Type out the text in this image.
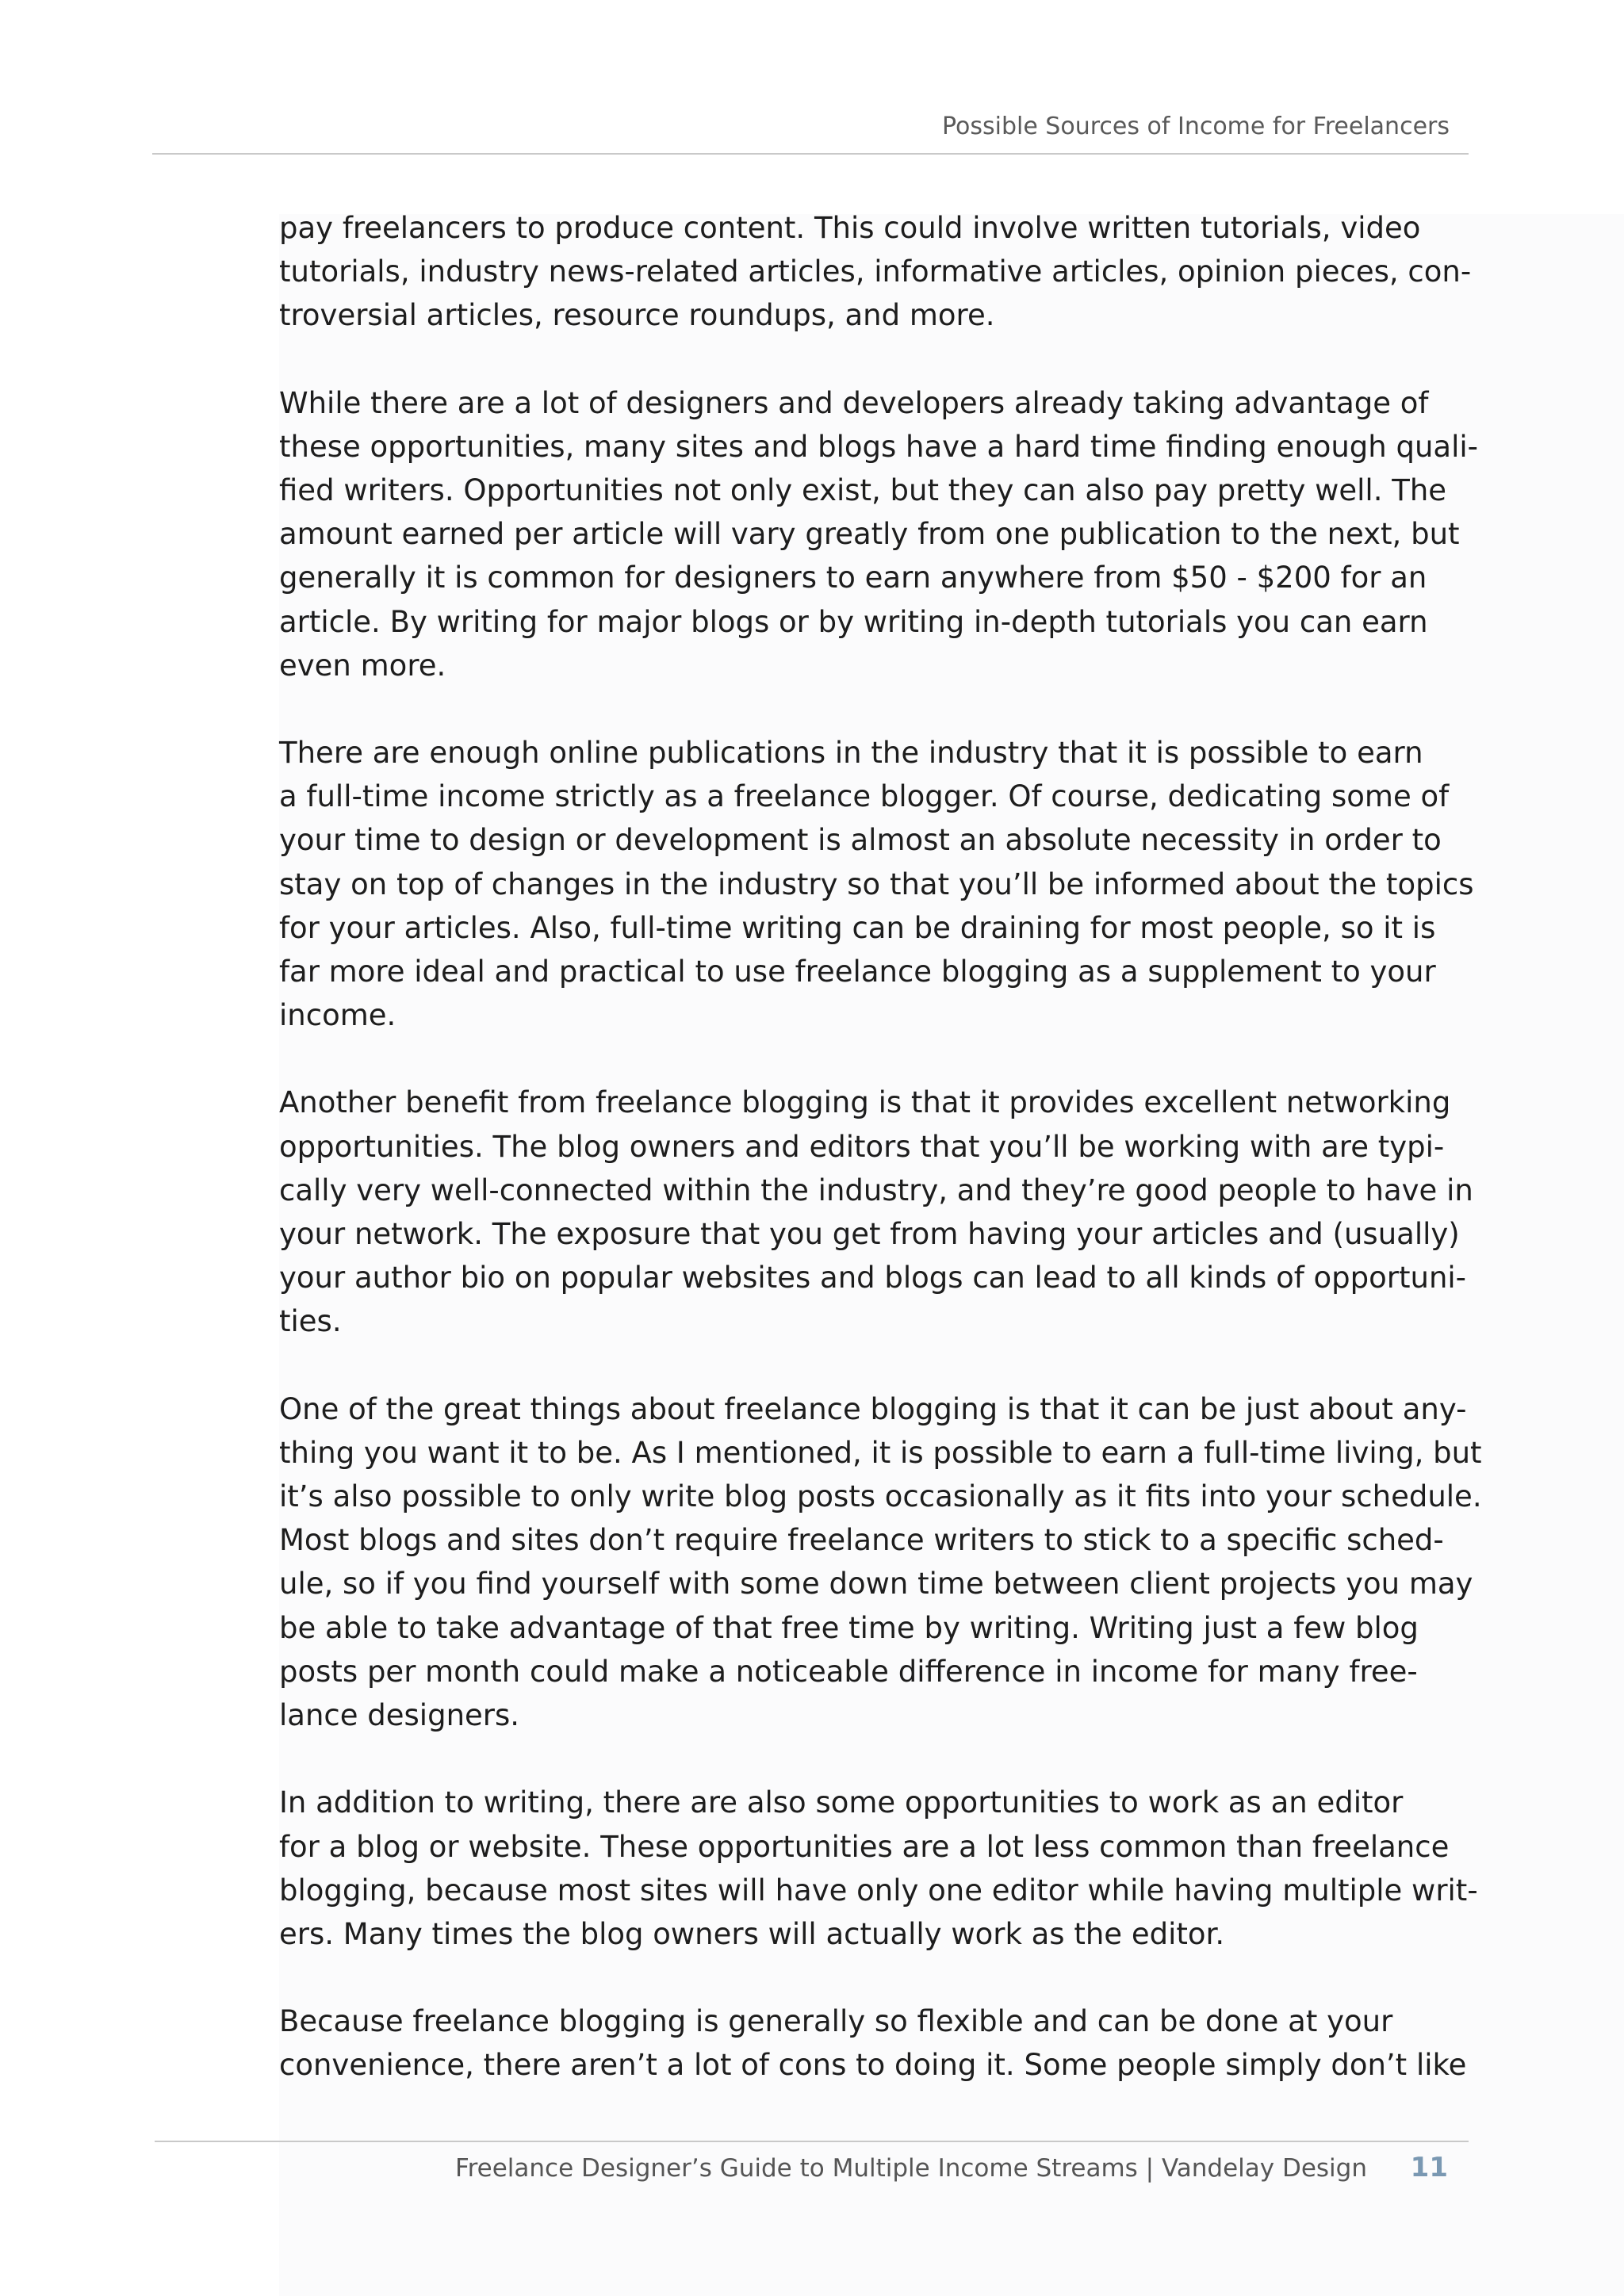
Possible Sources of Income for Freelancers

pay freelancers to produce content. This could involve written tutorials, video
tutorials, industry news-related articles, informative articles, opinion pieces, con-
troversial articles, resource roundups, and more.

While there are a lot of designers and developers already taking advantage of
these opportunities, many sites and blogs have a hard time finding enough quali-
fied writers. Opportunities not only exist, but they can also pay pretty well. The
amount earned per article will vary greatly from one publication to the next, but
generally it is common for designers to earn anywhere from $50 - $200 for an
article. By writing for major blogs or by writing in-depth tutorials you can earn
even more.

There are enough online publications in the industry that it is possible to earn
a full-time income strictly as a freelance blogger. Of course, dedicating some of
your time to design or development is almost an absolute necessity in order to
stay on top of changes in the industry so that you’ll be informed about the topics
for your articles. Also, full-time writing can be draining for most people, so it is
far more ideal and practical to use freelance blogging as a supplement to your
income.

Another benefit from freelance blogging is that it provides excellent networking
opportunities. The blog owners and editors that you’ll be working with are typi-
cally very well-connected within the industry, and they’re good people to have in
your network. The exposure that you get from having your articles and (usually)
your author bio on popular websites and blogs can lead to all kinds of opportuni-
ties.

One of the great things about freelance blogging is that it can be just about any-
thing you want it to be. As I mentioned, it is possible to earn a full-time living, but
it’s also possible to only write blog posts occasionally as it fits into your schedule.
Most blogs and sites don’t require freelance writers to stick to a specific sched-
ule, so if you find yourself with some down time between client projects you may
be able to take advantage of that free time by writing. Writing just a few blog
posts per month could make a noticeable difference in income for many free-
lance designers.

In addition to writing, there are also some opportunities to work as an editor
for a blog or website. These opportunities are a lot less common than freelance
blogging, because most sites will have only one editor while having multiple writ-
ers. Many times the blog owners will actually work as the editor.

Because freelance blogging is generally so flexible and can be done at your
convenience, there aren’t a lot of cons to doing it. Some people simply don’t like

Freelance Designer’s Guide to Multiple Income Streams | Vandelay Design 11
